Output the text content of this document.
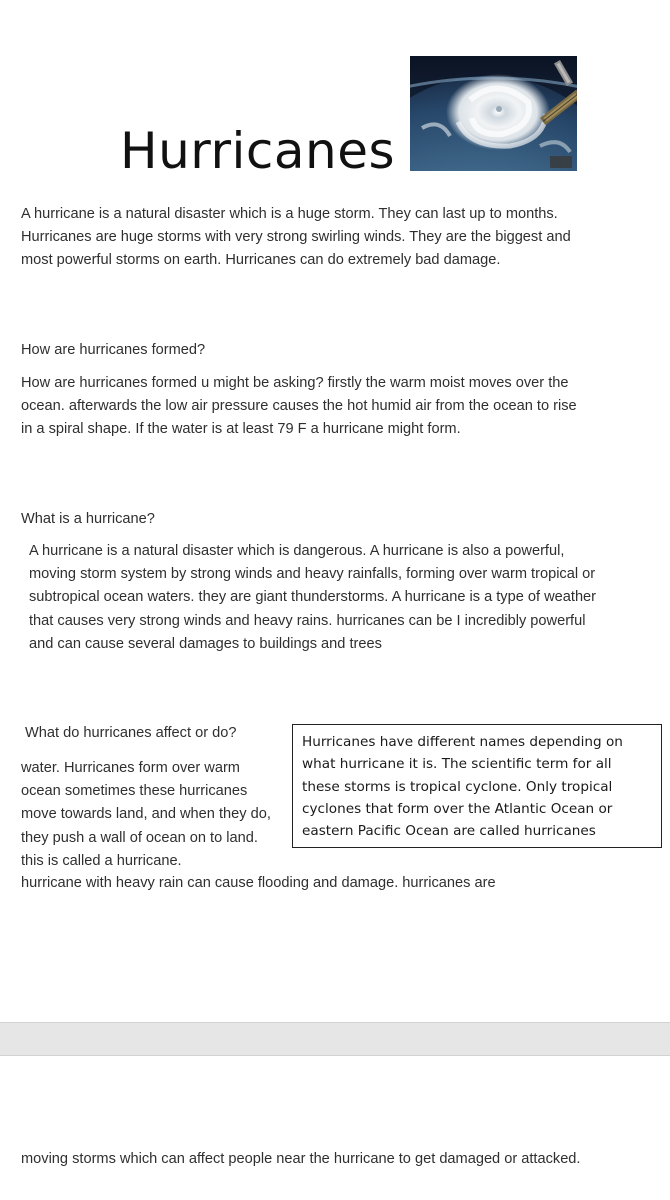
Hurricanes

A hurricane is a natural disaster which is a huge storm. They can last up to months. Hurricanes are huge storms with very strong swirling winds. They are the biggest and most powerful storms on earth. Hurricanes can do extremely bad damage.

How are hurricanes formed?

How are hurricanes formed u might be asking? firstly the warm moist moves over the ocean. afterwards the low air pressure causes the hot humid air from the ocean to rise in a spiral shape. If the water is at least 79 F a hurricane might form.

What is a hurricane?

A hurricane is a natural disaster which is dangerous. A hurricane is also a powerful, moving storm system by strong winds and heavy rainfalls, forming over warm tropical or subtropical ocean waters. they are giant thunderstorms. A hurricane is a type of weather that causes very strong winds and heavy rains. hurricanes can be I incredibly powerful and can cause several damages to buildings and trees

What do hurricanes affect or do?

water. Hurricanes form over warm ocean sometimes these hurricanes move towards land, and when they do, they push a wall of ocean on to land. this is called a hurricane.

hurricane with heavy rain can cause flooding and damage. hurricanes are

Hurricanes have different names depending on what hurricane it is. The scientific term for all these storms is tropical cyclone. Only tropical cyclones that form over the Atlantic Ocean or eastern Pacific Ocean are called hurricanes

moving storms which can affect people near the hurricane to get damaged or attacked.
